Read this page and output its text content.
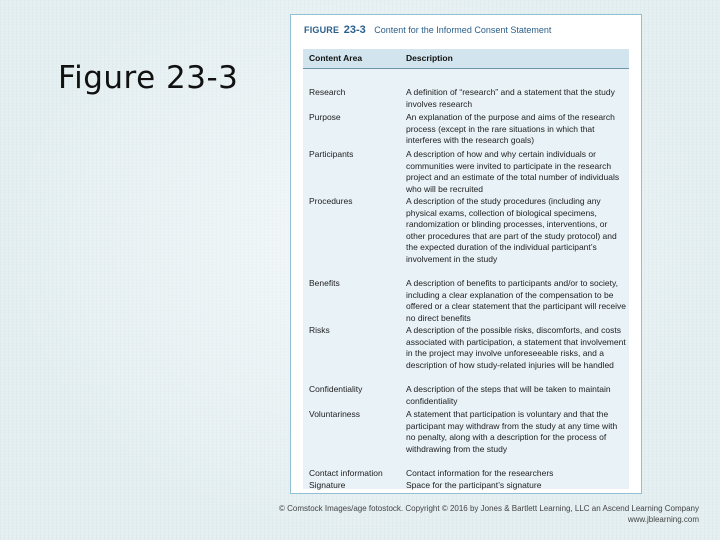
Figure 23-3
FIGURE 23-3 Content for the Informed Consent Statement
Content Area	Description
Research	A definition of “research” and a statement that the study involves research
Purpose	An explanation of the purpose and aims of the research process (except in the rare situations in which that interferes with the research goals)
Participants	A description of how and why certain individuals or communities were invited to participate in the research project and an estimate of the total number of individuals who will be recruited
Procedures	A description of the study procedures (including any physical exams, collection of biological specimens, randomization or blinding processes, interventions, or other procedures that are part of the study protocol) and the expected duration of the individual participant’s involvement in the study
Benefits	A description of benefits to participants and/or to society, including a clear explanation of the compensation to be offered or a clear statement that the participant will receive no direct benefits
Risks	A description of the possible risks, discomforts, and costs associated with participation, a statement that involvement in the project may involve unforeseeable risks, and a description of how study-related injuries will be handled
Confidentiality	A description of the steps that will be taken to maintain confidentiality
Voluntariness	A statement that participation is voluntary and that the participant may withdraw from the study at any time with no penalty, along with a description for the process of withdrawing from the study
Contact information	Contact information for the researchers
Signature	Space for the participant’s signature
© Comstock Images/age fotostock. Copyright © 2016 by Jones & Bartlett Learning, LLC an Ascend Learning Company
www.jblearning.com
